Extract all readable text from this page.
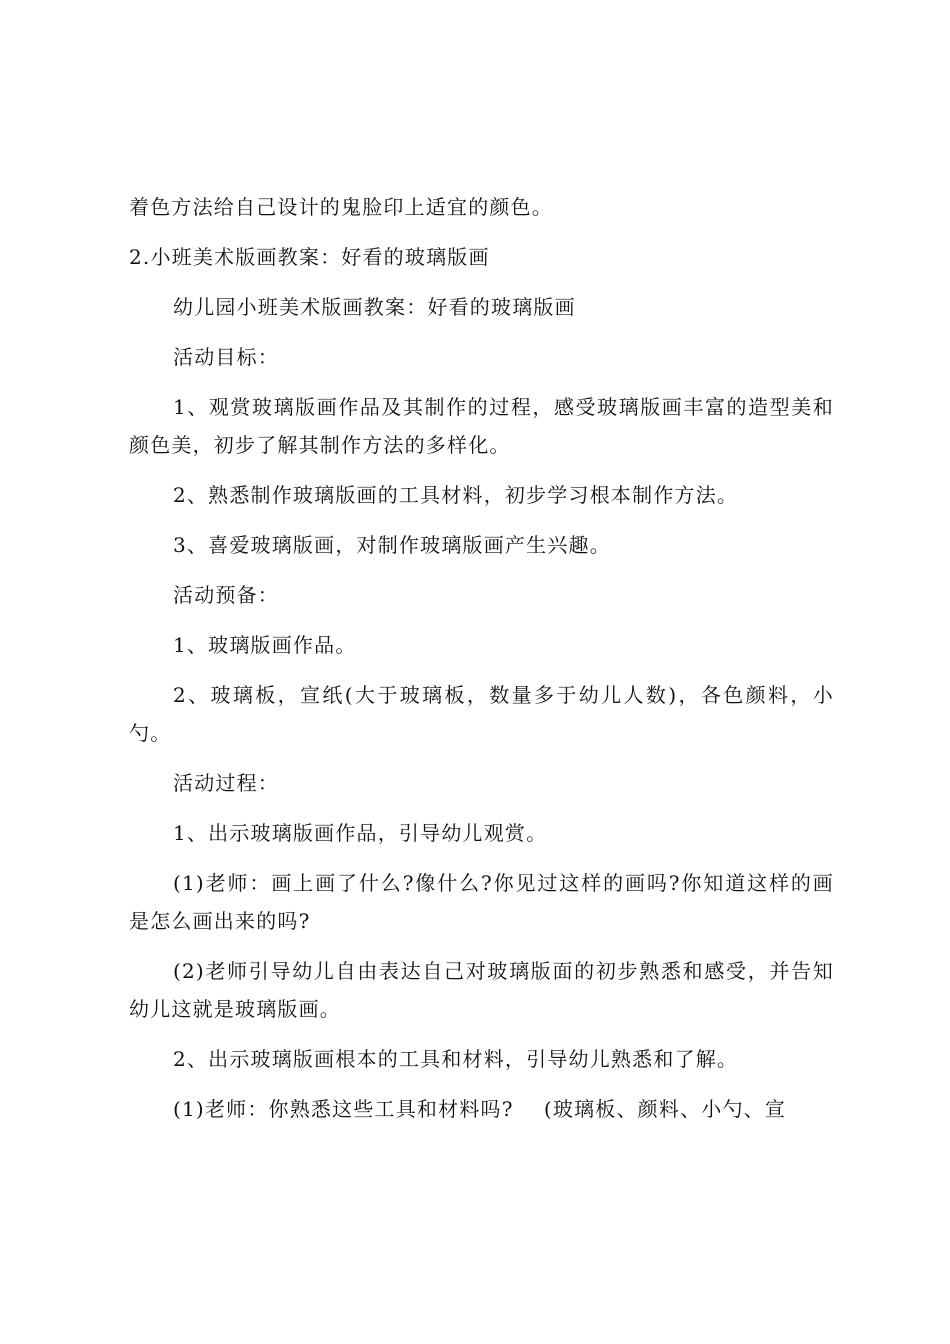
着色方法给自己设计的鬼脸印上适宜的颜色。

2.小班美术版画教案：好看的玻璃版画

幼儿园小班美术版画教案：好看的玻璃版画

活动目标：

1、观赏玻璃版画作品及其制作的过程，感受玻璃版画丰富的造型美和颜色美，初步了解其制作方法的多样化。

2、熟悉制作玻璃版画的工具材料，初步学习根本制作方法。

3、喜爱玻璃版画，对制作玻璃版画产生兴趣。

活动预备：

1、玻璃版画作品。

2、玻璃板，宣纸(大于玻璃板，数量多于幼儿人数)，各色颜料，小勺。

活动过程：

1、出示玻璃版画作品，引导幼儿观赏。

(1)老师：画上画了什么?像什么?你见过这样的画吗?你知道这样的画是怎么画出来的吗?

(2)老师引导幼儿自由表达自己对玻璃版面的初步熟悉和感受，并告知幼儿这就是玻璃版画。

2、出示玻璃版画根本的工具和材料，引导幼儿熟悉和了解。

(1)老师：你熟悉这些工具和材料吗?    (玻璃板、颜料、小勺、宣
